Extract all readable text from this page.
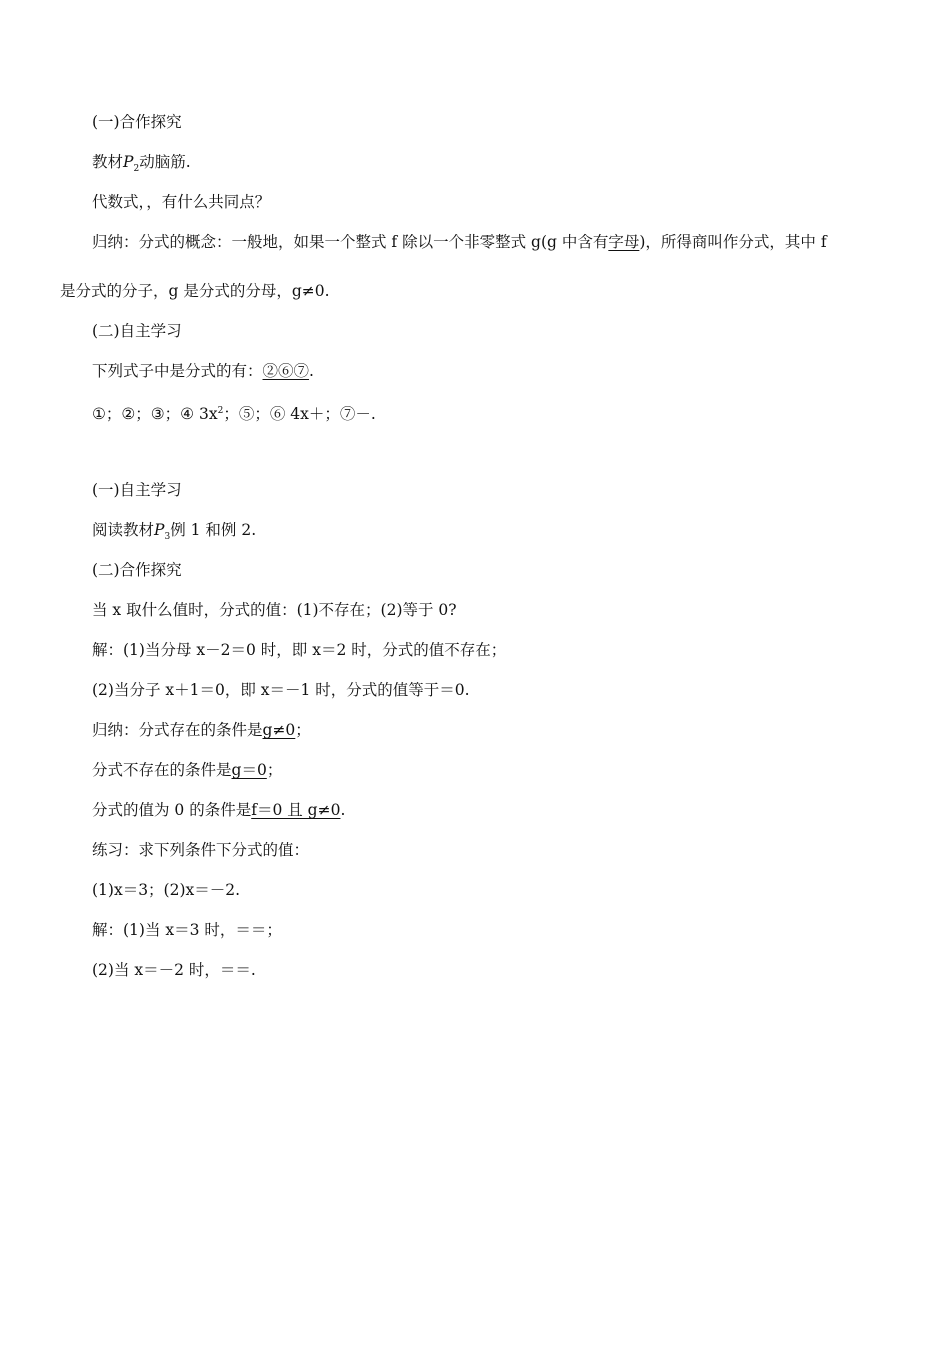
(一)合作探究
教材$P_2$动脑筋.
代数式，，有什么共同点？
归纳：分式的概念：一般地，如果一个整式 f 除以一个非零整式 g(g 中含有字母)，所得商叫作分式，其中 f
是分式的分子，g 是分式的分母，g≠0.
(二)自主学习
下列式子中是分式的有：②⑥⑦.
①；②；③；④ $3x^2$；⑤；⑥ 4x＋；⑦－.
(一)自主学习
阅读教材$P_3$例 1 和例 2.
(二)合作探究
当 x 取什么值时，分式的值：(1)不存在；(2)等于 0?
解：(1)当分母 x－2＝0 时，即 x＝2 时，分式的值不存在；
(2)当分子 x＋1＝0，即 x＝－1 时，分式的值等于＝0.
归纳：分式存在的条件是g≠0；
分式不存在的条件是g＝0；
分式的值为 0 的条件是f＝0 且 g≠0.
练习：求下列条件下分式的值：
(1)x＝3；(2)x＝－2.
解：(1)当 x＝3 时，＝＝；
(2)当 x＝－2 时，＝＝.
